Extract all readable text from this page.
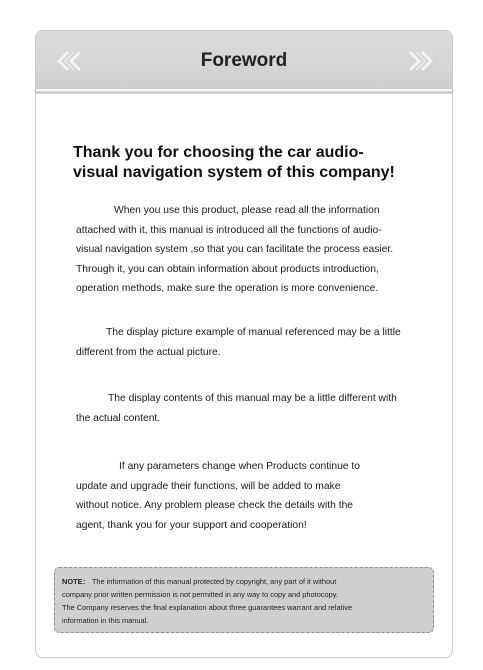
Foreword
Thank you for choosing the car audio-
visual navigation system of this company!
When you use this product, please read all the information
attached with it, this manual is introduced all the functions of audio-
visual navigation system ,so that you can facilitate the process easier.
Through it, you can obtain information about products introduction,
operation methods, make sure the operation is more convenience.
The display picture example of manual referenced may be a little
different from the actual picture.
The display contents of this manual may be a little different with
the actual content.
If any parameters change when Products continue to
update and upgrade their functions, will be added to make
without notice. Any problem please check the details with the
agent, thank you for your support and cooperation!
NOTE： The information of this manual protected by copyright, any part of it without
company prior written permission is not permitted in any way to copy and photocopy.
The Company reserves the final explanation about three guarantees warrant and relative
information in this manual.
